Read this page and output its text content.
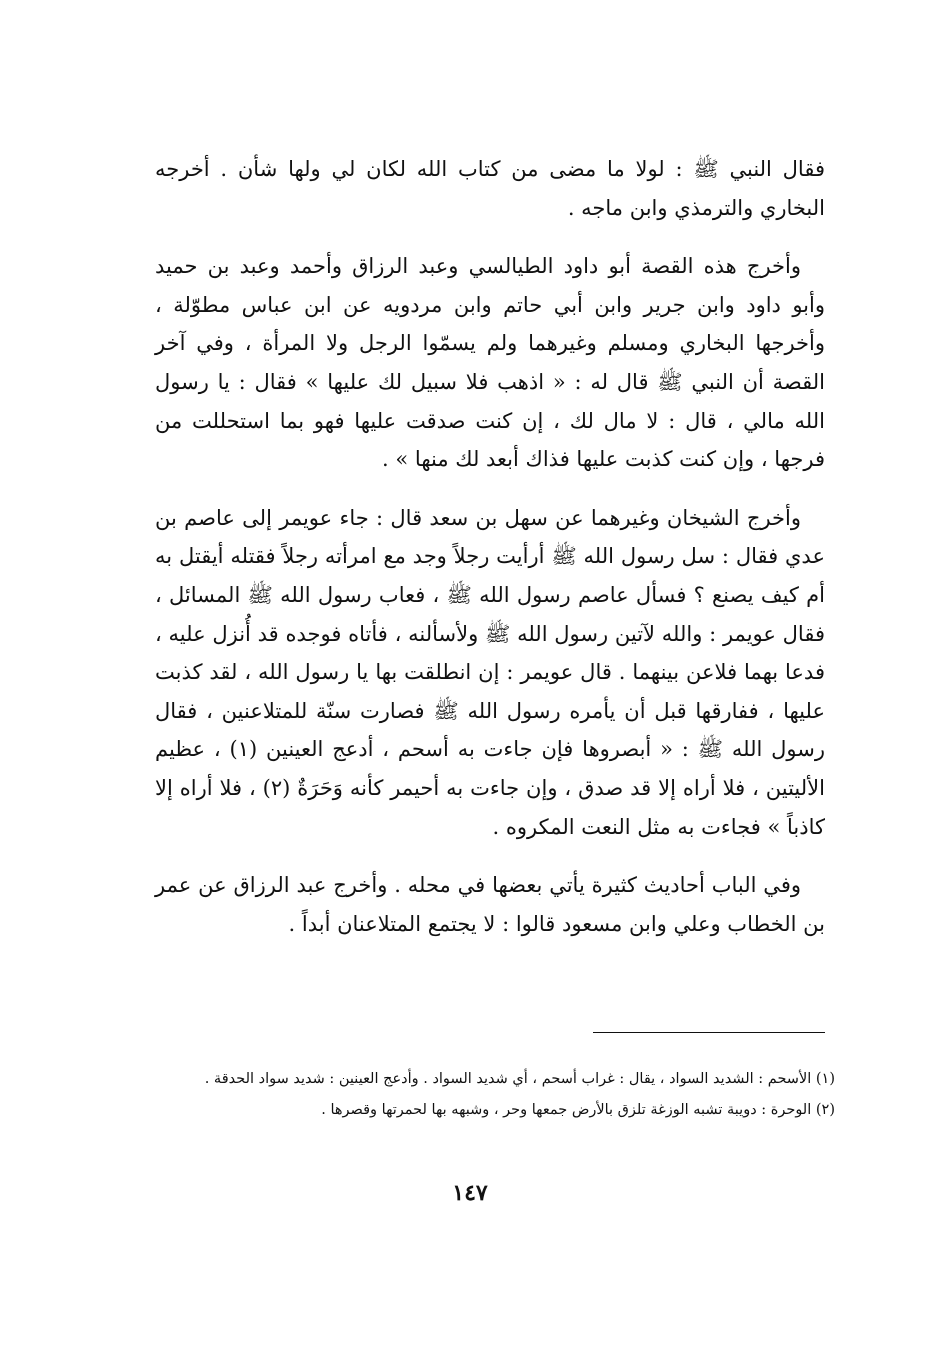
فقال النبي ﷺ : لولا ما مضى من كتاب الله لكان لي ولها شأن . أخرجه البخاري والترمذي وابن ماجه .

وأخرج هذه القصة أبو داود الطيالسي وعبد الرزاق وأحمد وعبد بن حميد وأبو داود وابن جرير وابن أبي حاتم وابن مردويه عن ابن عباس مطوّلة ، وأخرجها البخاري ومسلم وغيرهما ولم يسمّوا الرجل ولا المرأة ، وفي آخر القصة أن النبي ﷺ قال له : « اذهب فلا سبيل لك عليها » فقال : يا رسول الله مالي ، قال : لا مال لك ، إن كنت صدقت عليها فهو بما استحللت من فرجها ، وإن كنت كذبت عليها فذاك أبعد لك منها » .

وأخرج الشيخان وغيرهما عن سهل بن سعد قال : جاء عويمر إلى عاصم بن عدي فقال : سل رسول الله ﷺ أرأيت رجلاً وجد مع امرأته رجلاً فقتله أيقتل به أم كيف يصنع ؟ فسأل عاصم رسول الله ﷺ ، فعاب رسول الله ﷺ المسائل ، فقال عويمر : والله لآتين رسول الله ﷺ ولأسألنه ، فأتاه فوجده قد أُنزل عليه ، فدعا بهما فلاعن بينهما . قال عويمر : إن انطلقت بها يا رسول الله ، لقد كذبت عليها ، ففارقها قبل أن يأمره رسول الله ﷺ فصارت سنّة للمتلاعنين ، فقال رسول الله ﷺ : « أبصروها فإن جاءت به أسحم ، أدعج العينين (١) ، عظيم الأليتين ، فلا أراه إلا قد صدق ، وإن جاءت به أحيمر كأنه وَحَرَةٌ (٢) ، فلا أراه إلا كاذباً » فجاءت به مثل النعت المكروه .

وفي الباب أحاديث كثيرة يأتي بعضها في محله . وأخرج عبد الرزاق عن عمر بن الخطاب وعلي وابن مسعود قالوا : لا يجتمع المتلاعنان أبداً .

(١) الأسحم : الشديد السواد ، يقال : غراب أسحم ، أي شديد السواد . وأدعج العينين : شديد سواد الحدقة .

(٢) الوحرة : دويبة تشبه الوزغة تلزق بالأرض جمعها وحر ، وشبهه بها لحمرتها وقصرها .

١٤٧
